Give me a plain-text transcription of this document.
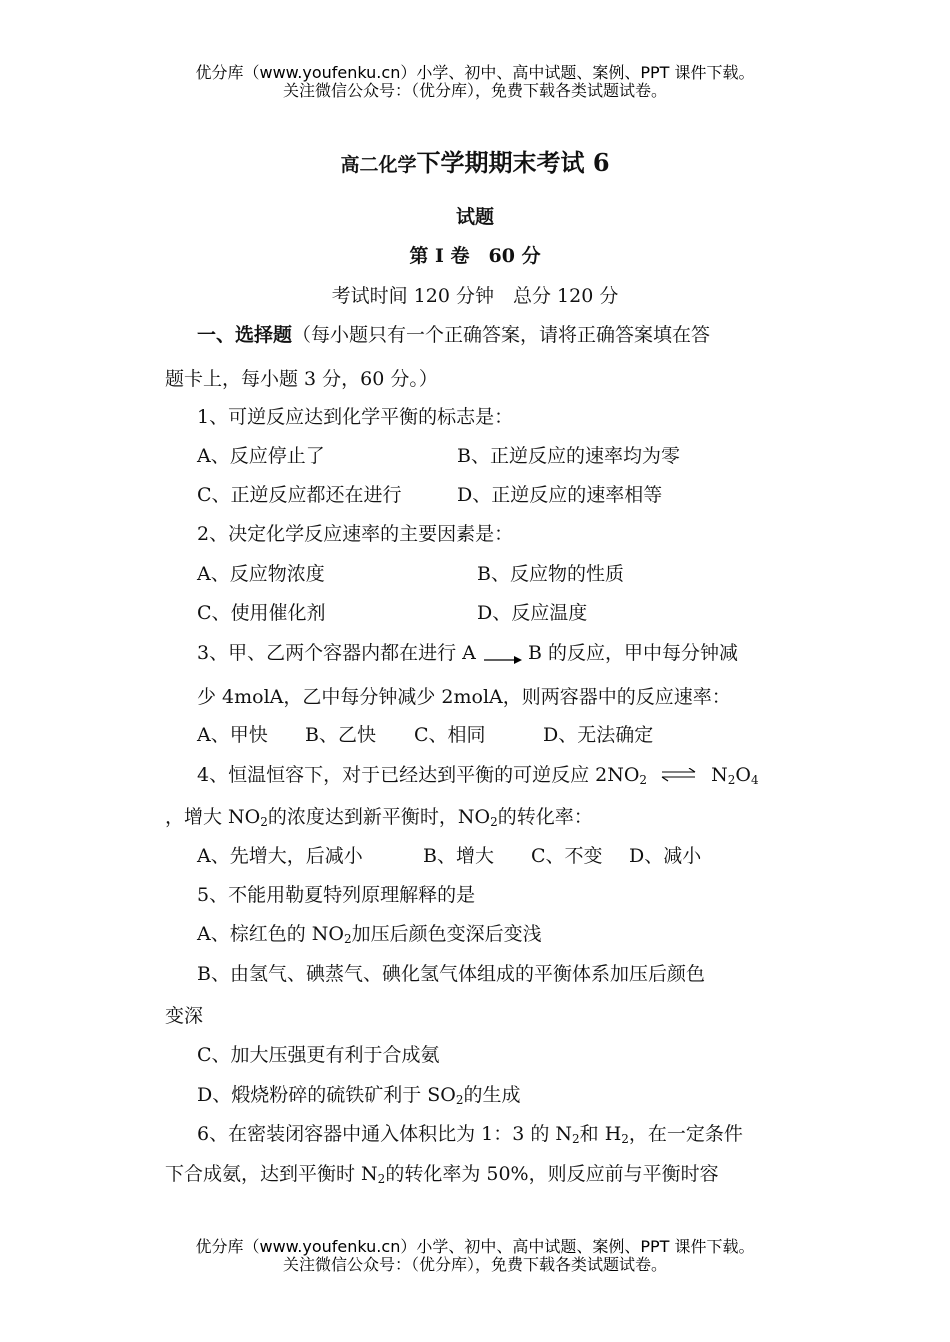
优分库（www.youfenku.cn）小学、初中、高中试题、案例、PPT 课件下载。
关注微信公众号：（优分库），免费下载各类试题试卷。
高二化学下学期期末考试 6
试题
第 I 卷　60 分
考试时间 120 分钟　总分 120 分
一、选择题（每小题只有一个正确答案，请将正确答案填在答
题卡上，每小题 3 分，60 分。）
1、可逆反应达到化学平衡的标志是：
A、反应停止了	B、正逆反应的速率均为零
C、正逆反应都还在进行	D、正逆反应的速率相等
2、决定化学反应速率的主要因素是：
A、反应物浓度	B、反应物的性质
C、使用催化剂	D、反应温度
3、甲、乙两个容器内都在进行 A → B 的反应，甲中每分钟减
少 4molA，乙中每分钟减少 2molA，则两容器中的反应速率：
A、甲快 B、乙快 C、相同	D、无法确定
4、恒温恒容下，对于已经达到平衡的可逆反应 $2NO_2$ ⇌ $N_2O_4$
，增大 $NO_2$的浓度达到新平衡时，$NO_2$的转化率：
A、先增大，后减小	B、增大 C、不变 D、减小
5、不能用勒夏特列原理解释的是
A、棕红色的 $NO_2$加压后颜色变深后变浅
B、由氢气、碘蒸气、碘化氢气体组成的平衡体系加压后颜色
变深
C、加大压强更有利于合成氨
D、煅烧粉碎的硫铁矿利于 $SO_2$的生成
6、在密装闭容器中通入体积比为 1：3 的 $N_2$和 $H_2$，在一定条件
下合成氨，达到平衡时 $N_2$的转化率为 50%，则反应前与平衡时容
优分库（www.youfenku.cn）小学、初中、高中试题、案例、PPT 课件下载。
关注微信公众号：（优分库），免费下载各类试题试卷。
